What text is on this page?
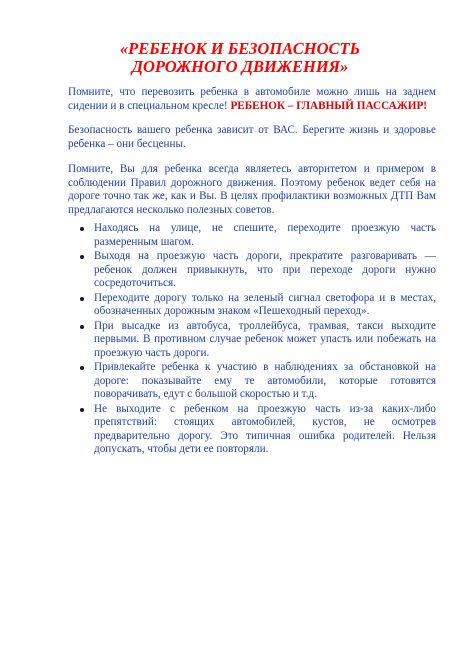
«РЕБЕНОК И БЕЗОПАСНОСТЬ ДОРОЖНОГО ДВИЖЕНИЯ»

Помните, что перевозить ребенка в автомобиле можно лишь на заднем сидении и в специальном кресле! РЕБЕНОК – ГЛАВНЫЙ ПАССАЖИР!

Безопасность вашего ребенка зависит от ВАС. Берегите жизнь и здоровье ребенка – они бесценны.

Помните, Вы для ребенка всегда являетесь авторитетом и примером в соблюдении Правил дорожного движения. Поэтому ребенок ведет себя на дороге точно так же, как и Вы. В целях профилактики возможных ДТП Вам предлагаются несколько полезных советов.

Находясь на улице, не спешите, переходите проезжую часть размеренным шагом.
Выходя на проезжую часть дороги, прекратите разговаривать — ребенок должен привыкнуть, что при переходе дороги нужно сосредоточиться.
Переходите дорогу только на зеленый сигнал светофора и в местах, обозначенных дорожным знаком «Пешеходный переход».
При высадке из автобуса, троллейбуса, трамвая, такси выходите первыми. В противном случае ребенок может упасть или побежать на проезжую часть дороги.
Привлекайте ребенка к участию в наблюдениях за обстановкой на дороге: показывайте ему те автомобили, которые готовятся поворачивать, едут с большой скоростью и т.д.
Не выходите с ребенком на проезжую часть из-за каких-либо препятствий: стоящих автомобилей, кустов, не осмотрев предварительно дорогу. Это типичная ошибка родителей. Нельзя допускать, чтобы дети ее повторяли.
